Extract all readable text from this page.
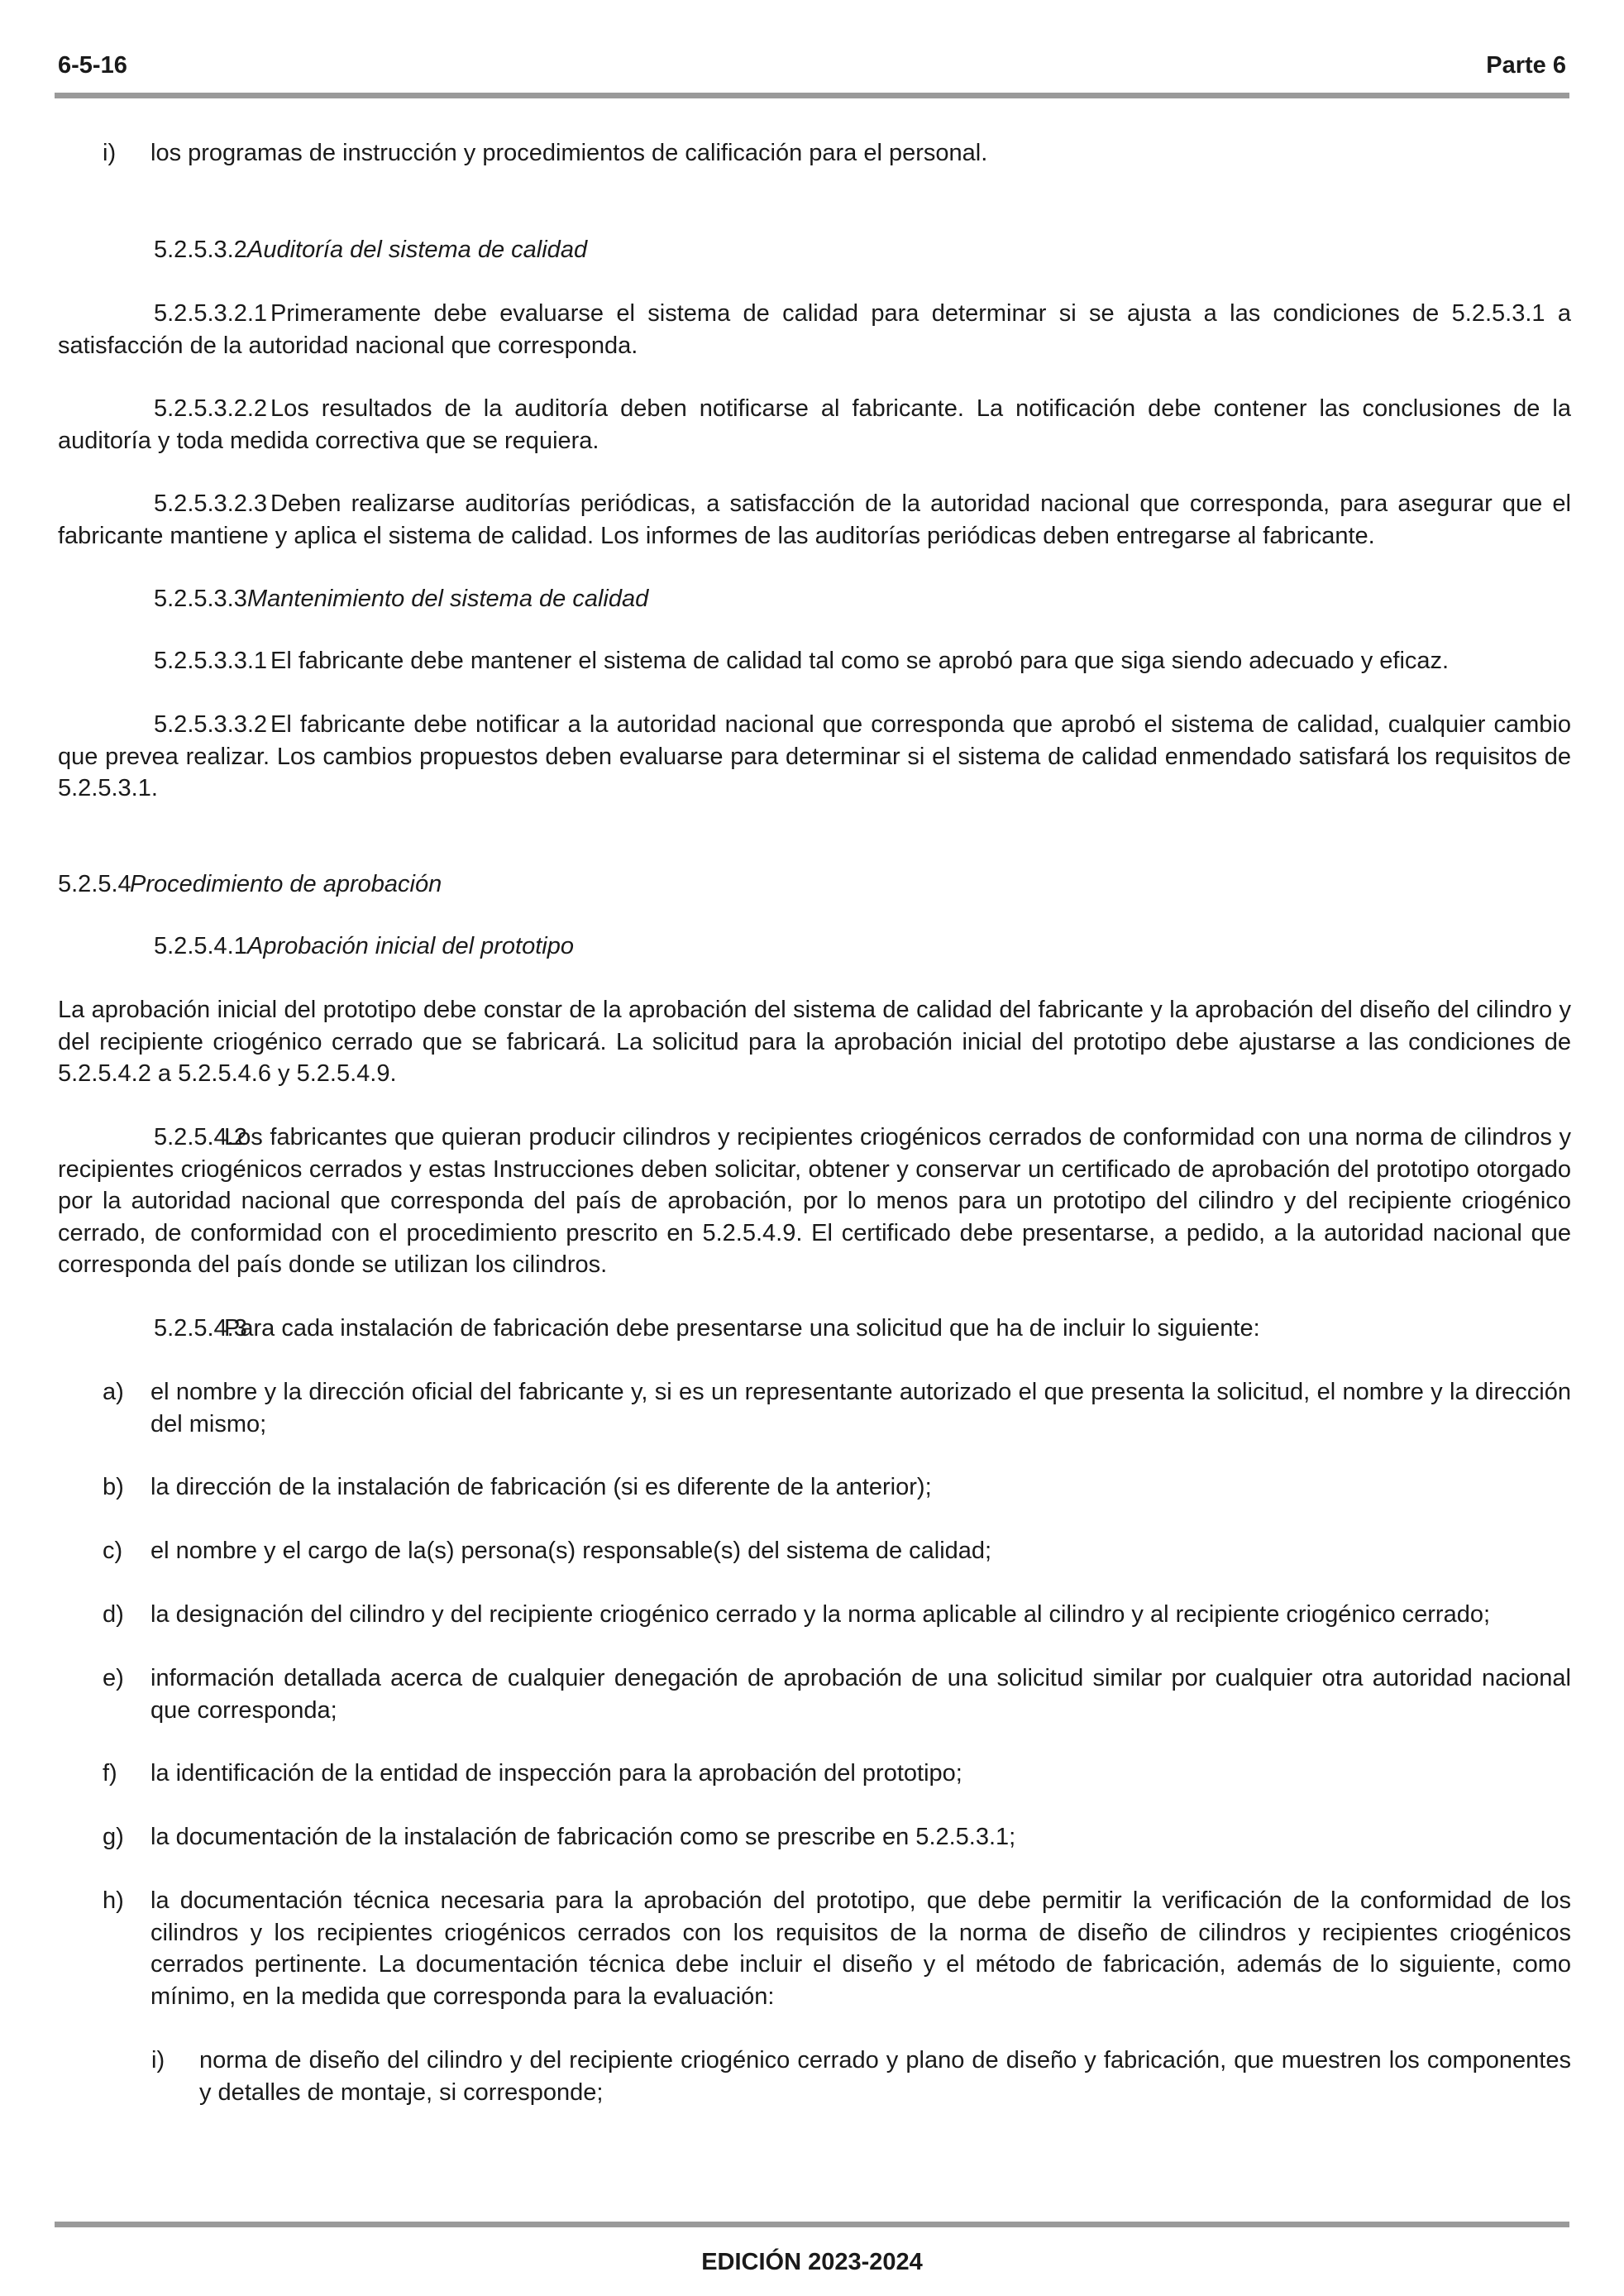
6-5-16	Parte 6
i)	los programas de instrucción y procedimientos de calificación para el personal.
5.2.5.3.2Auditoría del sistema de calidad
5.2.5.3.2.1 Primeramente debe evaluarse el sistema de calidad para determinar si se ajusta a las condiciones de 5.2.5.3.1 a satisfacción de la autoridad nacional que corresponda.
5.2.5.3.2.2 Los resultados de la auditoría deben notificarse al fabricante. La notificación debe contener las conclusiones de la auditoría y toda medida correctiva que se requiera.
5.2.5.3.2.3 Deben realizarse auditorías periódicas, a satisfacción de la autoridad nacional que corresponda, para asegurar que el fabricante mantiene y aplica el sistema de calidad. Los informes de las auditorías periódicas deben entregarse al fabricante.
5.2.5.3.3Mantenimiento del sistema de calidad
5.2.5.3.3.1 El fabricante debe mantener el sistema de calidad tal como se aprobó para que siga siendo adecuado y eficaz.
5.2.5.3.3.2 El fabricante debe notificar a la autoridad nacional que corresponda que aprobó el sistema de calidad, cualquier cambio que prevea realizar. Los cambios propuestos deben evaluarse para determinar si el sistema de calidad enmendado satisfará los requisitos de 5.2.5.3.1.
5.2.5.4Procedimiento de aprobación
5.2.5.4.1Aprobación inicial del prototipo
La aprobación inicial del prototipo debe constar de la aprobación del sistema de calidad del fabricante y la aprobación del diseño del cilindro y del recipiente criogénico cerrado que se fabricará. La solicitud para la aprobación inicial del prototipo debe ajustarse a las condiciones de 5.2.5.4.2 a 5.2.5.4.6 y 5.2.5.4.9.
5.2.5.4.2Los fabricantes que quieran producir cilindros y recipientes criogénicos cerrados de conformidad con una norma de cilindros y recipientes criogénicos cerrados y estas Instrucciones deben solicitar, obtener y conservar un certificado de aprobación del prototipo otorgado por la autoridad nacional que corresponda del país de aprobación, por lo menos para un prototipo del cilindro y del recipiente criogénico cerrado, de conformidad con el procedimiento prescrito en 5.2.5.4.9. El certificado debe presentarse, a pedido, a la autoridad nacional que corresponda del país donde se utilizan los cilindros.
5.2.5.4.3Para cada instalación de fabricación debe presentarse una solicitud que ha de incluir lo siguiente:
a)	el nombre y la dirección oficial del fabricante y, si es un representante autorizado el que presenta la solicitud, el nombre y la dirección del mismo;
b)	la dirección de la instalación de fabricación (si es diferente de la anterior);
c)	el nombre y el cargo de la(s) persona(s) responsable(s) del sistema de calidad;
d)	la designación del cilindro y del recipiente criogénico cerrado y la norma aplicable al cilindro y al recipiente criogénico cerrado;
e)	información detallada acerca de cualquier denegación de aprobación de una solicitud similar por cualquier otra autoridad nacional que corresponda;
f)	la identificación de la entidad de inspección para la aprobación del prototipo;
g)	la documentación de la instalación de fabricación como se prescribe en 5.2.5.3.1;
h)	la documentación técnica necesaria para la aprobación del prototipo, que debe permitir la verificación de la conformidad de los cilindros y los recipientes criogénicos cerrados con los requisitos de la norma de diseño de cilindros y recipientes criogénicos cerrados pertinente. La documentación técnica debe incluir el diseño y el método de fabricación, además de lo siguiente, como mínimo, en la medida que corresponda para la evaluación:
i)	norma de diseño del cilindro y del recipiente criogénico cerrado y plano de diseño y fabricación, que muestren los componentes y detalles de montaje, si corresponde;
EDICIÓN 2023-2024
